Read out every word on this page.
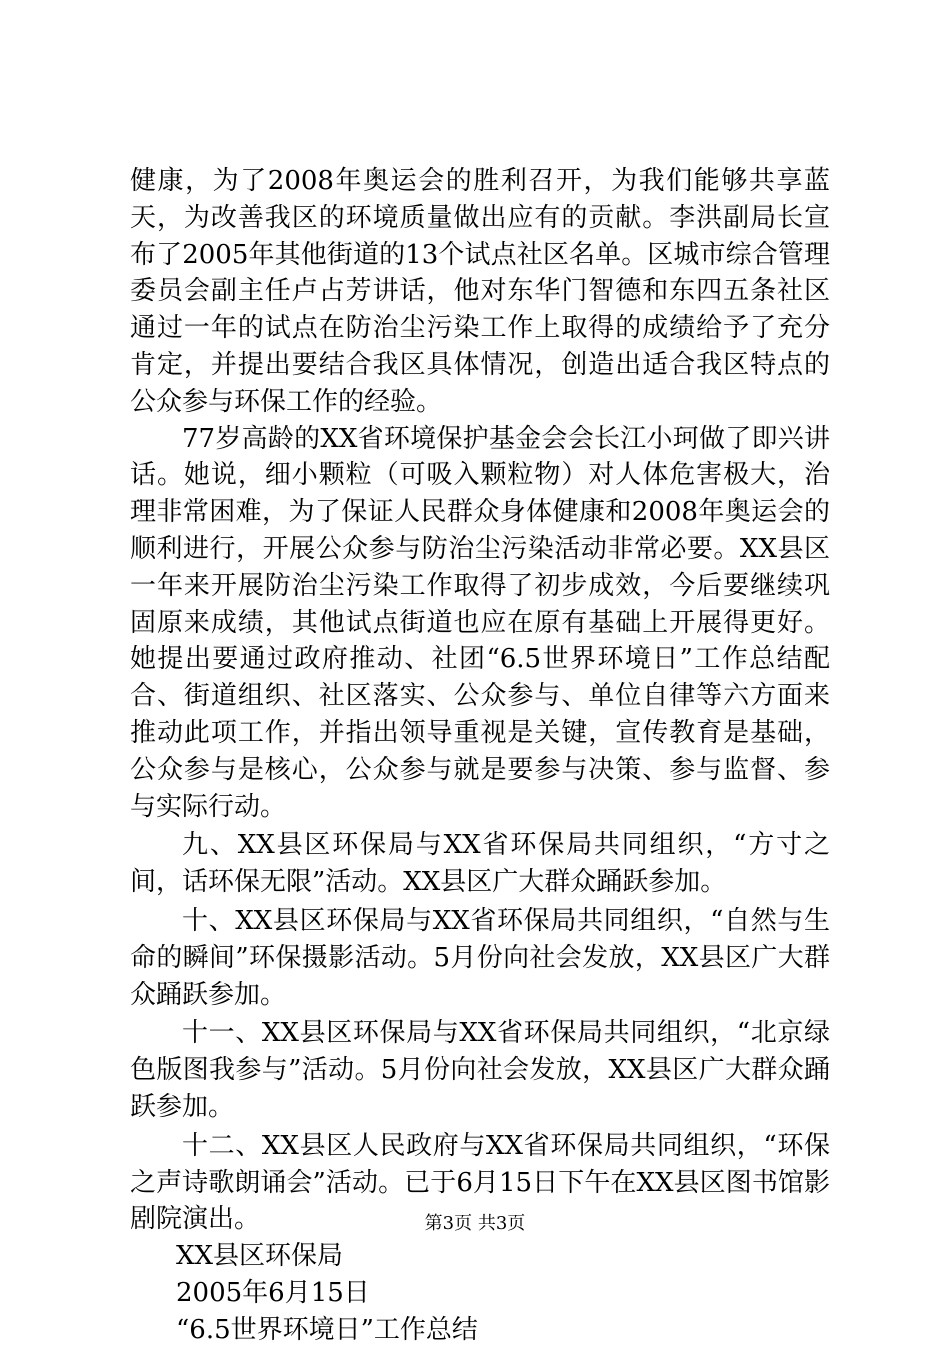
健康，为了2008年奥运会的胜利召开，为我们能够共享蓝天，为改善我区的环境质量做出应有的贡献。李洪副局长宣布了2005年其他街道的13个试点社区名单。区城市综合管理委员会副主任卢占芳讲话，他对东华门智德和东四五条社区通过一年的试点在防治尘污染工作上取得的成绩给予了充分肯定，并提出要结合我区具体情况，创造出适合我区特点的公众参与环保工作的经验。

77岁高龄的XX省环境保护基金会会长江小珂做了即兴讲话。她说，细小颗粒（可吸入颗粒物）对人体危害极大，治理非常困难，为了保证人民群众身体健康和2008年奥运会的顺利进行，开展公众参与防治尘污染活动非常必要。XX县区一年来开展防治尘污染工作取得了初步成效，今后要继续巩固原来成绩，其他试点街道也应在原有基础上开展得更好。她提出要通过政府推动、社团“6.5世界环境日”工作总结配合、街道组织、社区落实、公众参与、单位自律等六方面来推动此项工作，并指出领导重视是关键，宣传教育是基础，公众参与是核心，公众参与就是要参与决策、参与监督、参与实际行动。

九、XX县区环保局与XX省环保局共同组织，“方寸之间，话环保无限”活动。XX县区广大群众踊跃参加。

十、XX县区环保局与XX省环保局共同组织，“自然与生命的瞬间”环保摄影活动。5月份向社会发放，XX县区广大群众踊跃参加。

十一、XX县区环保局与XX省环保局共同组织，“北京绿色版图我参与”活动。5月份向社会发放，XX县区广大群众踊跃参加。

十二、XX县区人民政府与XX省环保局共同组织，“环保之声诗歌朗诵会”活动。已于6月15日下午在XX县区图书馆影剧院演出。

XX县区环保局

2005年6月15日

“6.5世界环境日”工作总结

第3页 共3页
